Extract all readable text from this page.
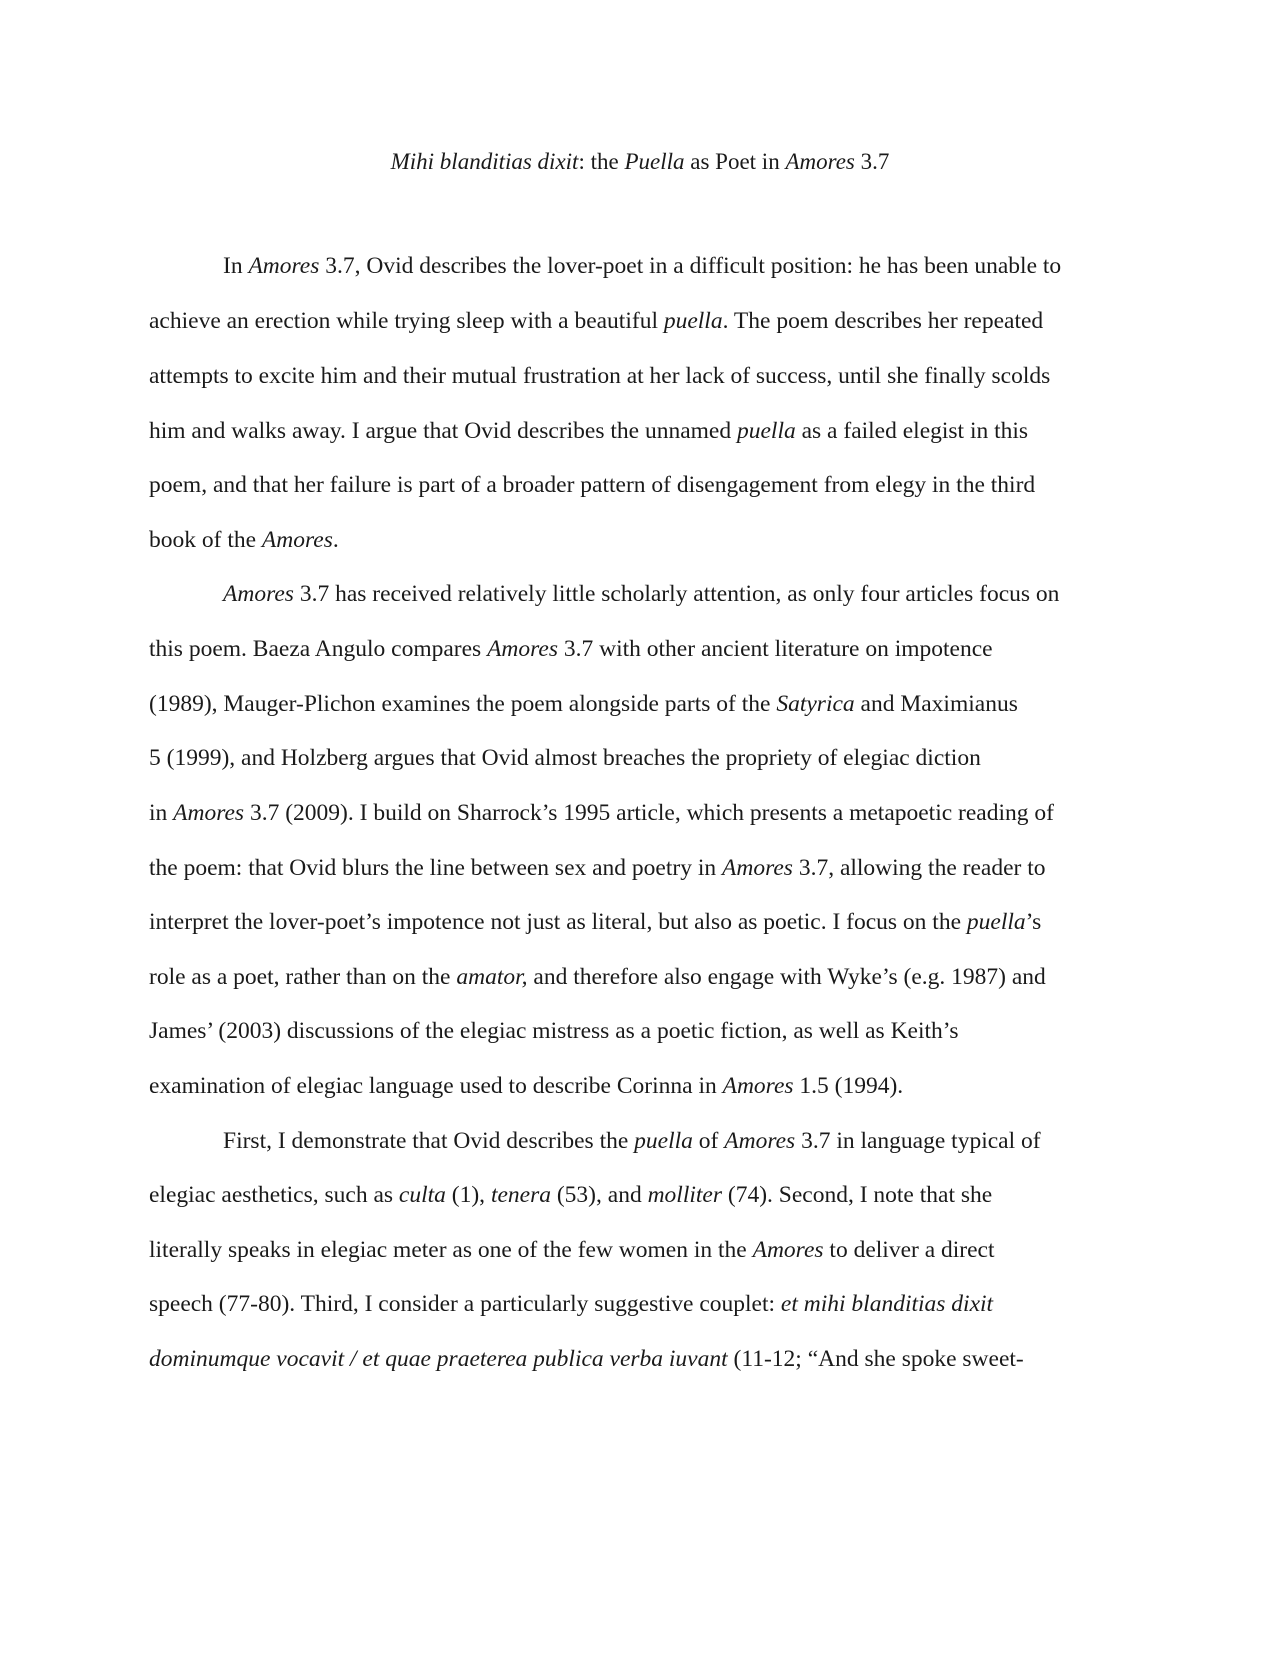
Mihi blanditias dixit: the Puella as Poet in Amores 3.7
In Amores 3.7, Ovid describes the lover-poet in a difficult position: he has been unable to
achieve an erection while trying sleep with a beautiful puella. The poem describes her repeated
attempts to excite him and their mutual frustration at her lack of success, until she finally scolds
him and walks away. I argue that Ovid describes the unnamed puella as a failed elegist in this
poem, and that her failure is part of a broader pattern of disengagement from elegy in the third
book of the Amores.
Amores 3.7 has received relatively little scholarly attention, as only four articles focus on
this poem. Baeza Angulo compares Amores 3.7 with other ancient literature on impotence
(1989), Mauger-Plichon examines the poem alongside parts of the Satyrica and Maximianus
5 (1999), and Holzberg argues that Ovid almost breaches the propriety of elegiac diction
in Amores 3.7 (2009). I build on Sharrock’s 1995 article, which presents a metapoetic reading of
the poem: that Ovid blurs the line between sex and poetry in Amores 3.7, allowing the reader to
interpret the lover-poet’s impotence not just as literal, but also as poetic. I focus on the puella’s
role as a poet, rather than on the amator, and therefore also engage with Wyke’s (e.g. 1987) and
James’ (2003) discussions of the elegiac mistress as a poetic fiction, as well as Keith’s
examination of elegiac language used to describe Corinna in Amores 1.5 (1994).
First, I demonstrate that Ovid describes the puella of Amores 3.7 in language typical of
elegiac aesthetics, such as culta (1), tenera (53), and molliter (74). Second, I note that she
literally speaks in elegiac meter as one of the few women in the Amores to deliver a direct
speech (77-80). Third, I consider a particularly suggestive couplet: et mihi blanditias dixit
dominumque vocavit / et quae praeterea publica verba iuvant (11-12; “And she spoke sweet-
